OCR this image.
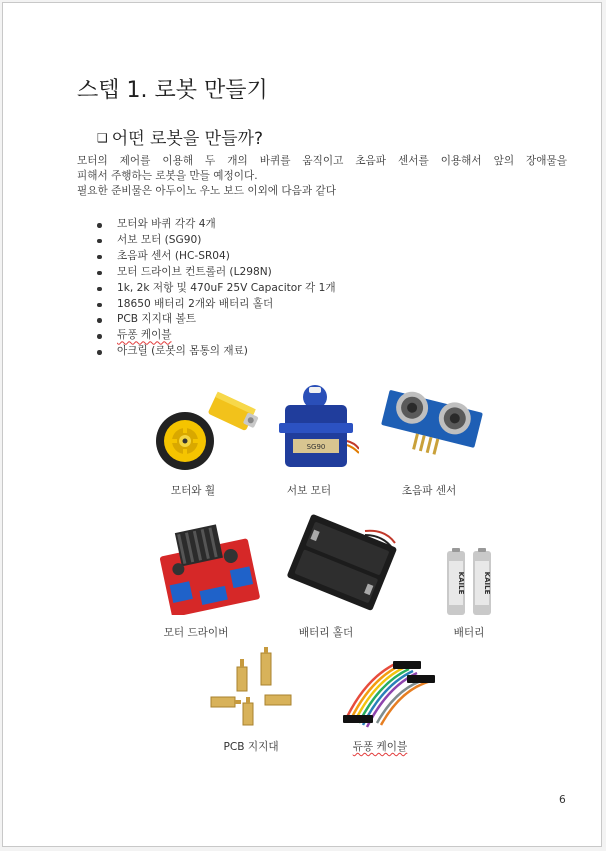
스텝 1. 로봇 만들기
❑ 어떤 로봇을 만들까?

모터의 제어를 이용해 두 개의 바퀴를 움직이고 초음파 센서를 이용해서 앞의 장애물을

피해서 주행하는 로봇을 만들 예정이다.

필요한 준비물은 아두이노 우노 보드 이외에 다음과 같다

모터와 바퀴 각각 4개
서보 모터 (SG90)
초음파 센서 (HC-SR04)
모터 드라이브 컨트롤러 (L298N)
1k, 2k 저항 및 470uF 25V Capacitor 각 1개
18650 배터리 2개와 배터리 홀더
PCB 지지대 볼트
듀퐁 케이블
아크릴 (로봇의 몸통의 재료)
SG90
모터와 휠	서보 모터	초음파 센서
KAILE	KAILE
모터 드라이버	배터리 홀더	배터리
PCB 지지대	듀퐁 케이블
6
